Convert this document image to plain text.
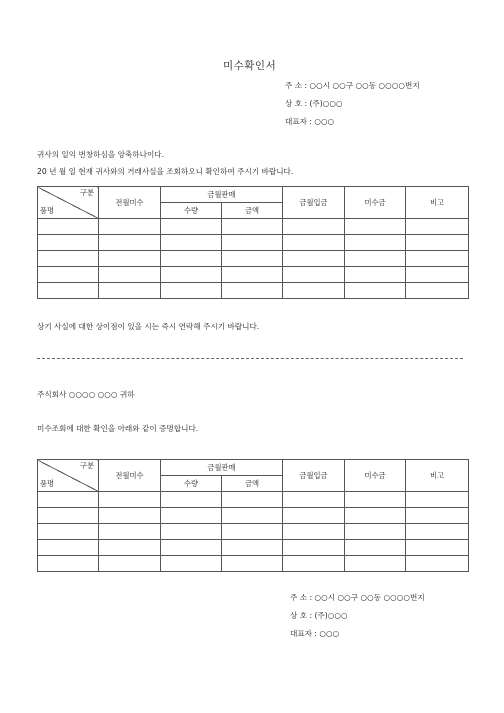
미수확인서
주 소 : ○○시 ○○구 ○○동 ○○○○번지
상 호 : (주)○○○
대표자 : ○○○
귀사의 일익 번창하심을 앙축하나이다.
20 년 월 일 현재 귀사와의 거래사실을 조회하오니 확인하여 주시기 바랍니다.
구분
품명	전월미수	금월판매		금월입금	미수금	비고
		수량	금액			

상기 사실에 대한 상이점이 있을 시는 즉시 연락해 주시기 바랍니다.
주식회사 ○○○○ ○○○ 귀하
미수조회에 대한 확인을 아래와 같이 증명합니다.
구분
품명	전월미수	금월판매		금월입금	미수금	비고
		수량	금액			

주 소 : ○○시 ○○구 ○○동 ○○○○번지
상 호 : (주)○○○
대표자 : ○○○
